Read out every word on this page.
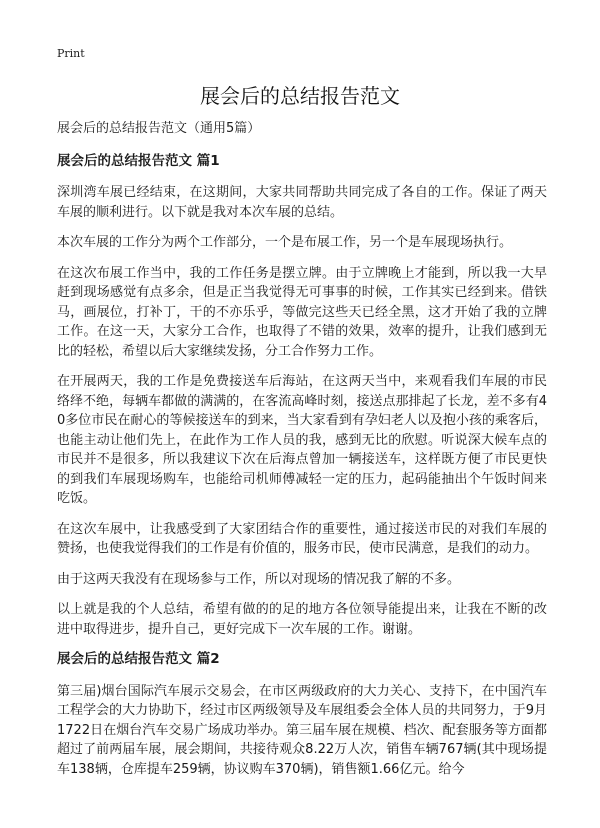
Print
展会后的总结报告范文

展会后的总结报告范文（通用5篇）

展会后的总结报告范文 篇1

深圳湾车展已经结束，在这期间，大家共同帮助共同完成了各自的工作。保证了两天车展的顺利进行。以下就是我对本次车展的总结。

本次车展的工作分为两个工作部分，一个是布展工作，另一个是车展现场执行。

在这次布展工作当中，我的工作任务是摆立牌。由于立牌晚上才能到，所以我一大早赶到现场感觉有点多余，但是正当我觉得无可事事的时候，工作其实已经到来。借铁马，画展位，打补丁，干的不亦乐乎，等做完这些天已经全黑，这才开始了我的立牌工作。在这一天，大家分工合作，也取得了不错的效果，效率的提升，让我们感到无比的轻松，希望以后大家继续发扬，分工合作努力工作。

在开展两天，我的工作是免费接送车后海站，在这两天当中，来观看我们车展的市民络绎不绝，每辆车都做的满满的，在客流高峰时刻，接送点那排起了长龙，差不多有40多位市民在耐心的等候接送车的到来，当大家看到有孕妇老人以及抱小孩的乘客后，也能主动让他们先上，在此作为工作人员的我，感到无比的欣慰。听说深大候车点的市民并不是很多，所以我建议下次在后海点曾加一辆接送车，这样既方便了市民更快的到我们车展现场购车，也能给司机师傅减轻一定的压力，起码能抽出个午饭时间来吃饭。

在这次车展中，让我感受到了大家团结合作的重要性，通过接送市民的对我们车展的赞扬，也使我觉得我们的工作是有价值的，服务市民，使市民满意，是我们的动力。

由于这两天我没有在现场参与工作，所以对现场的情况我了解的不多。

以上就是我的个人总结，希望有做的的足的地方各位领导能提出来，让我在不断的改进中取得进步，提升自己，更好完成下一次车展的工作。谢谢。

展会后的总结报告范文 篇2

第三届)烟台国际汽车展示交易会，在市区两级政府的大力关心、支持下，在中国汽车工程学会的大力协助下，经过市区两级领导及车展组委会全体人员的共同努力，于9月1722日在烟台汽车交易广场成功举办。第三届车展在规模、档次、配套服务等方面都超过了前两届车展，展会期间，共接待观众8.22万人次，销售车辆767辆(其中现场提车138辆，仓库提车259辆，协议购车370辆)，销售额1.66亿元。给今
